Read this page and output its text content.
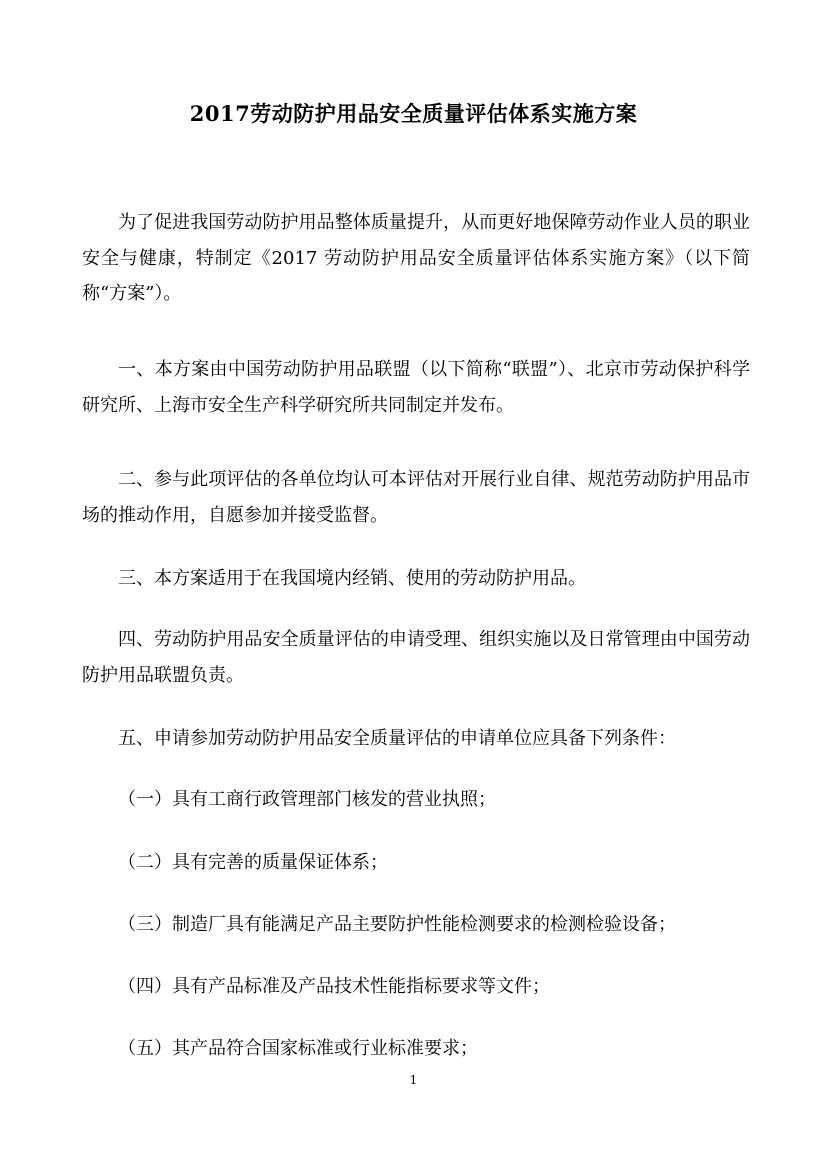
2017劳动防护用品安全质量评估体系实施方案

为了促进我国劳动防护用品整体质量提升，从而更好地保障劳动作业人员的职业安全与健康，特制定《2017 劳动防护用品安全质量评估体系实施方案》（以下简称“方案”）。

一、本方案由中国劳动防护用品联盟（以下简称“联盟”）、北京市劳动保护科学研究所、上海市安全生产科学研究所共同制定并发布。

二、参与此项评估的各单位均认可本评估对开展行业自律、规范劳动防护用品市场的推动作用，自愿参加并接受监督。

三、本方案适用于在我国境内经销、使用的劳动防护用品。

四、劳动防护用品安全质量评估的申请受理、组织实施以及日常管理由中国劳动防护用品联盟负责。

五、申请参加劳动防护用品安全质量评估的申请单位应具备下列条件：

（一）具有工商行政管理部门核发的营业执照；

（二）具有完善的质量保证体系；

（三）制造厂具有能满足产品主要防护性能检测要求的检测检验设备；

（四）具有产品标准及产品技术性能指标要求等文件；

（五）其产品符合国家标准或行业标准要求；

1
